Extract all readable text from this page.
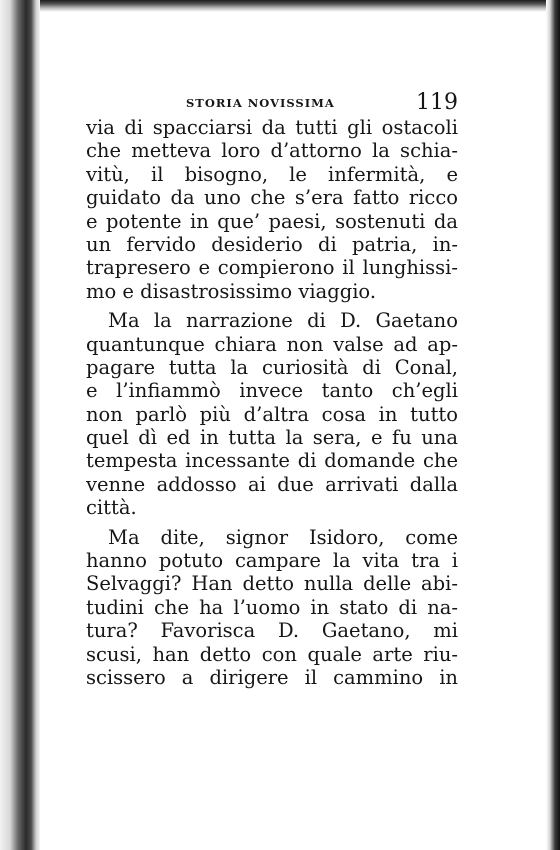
STORIA NOVISSIMA	119
via di spacciarsi da tutti gli ostacoli
che metteva loro d’attorno la schia-
vitù, il bisogno, le infermità, e
guidato da uno che s’era fatto ricco
e potente in que’ paesi, sostenuti da
un fervido desiderio di patria, in-
trapresero e compierono il lunghissi-
mo e disastrosissimo viaggio.
Ma la narrazione di D. Gaetano
quantunque chiara non valse ad ap-
pagare tutta la curiosità di Conal,
e l’infiammò invece tanto ch’egli
non parlò più d’altra cosa in tutto
quel dì ed in tutta la sera, e fu una
tempesta incessante di domande che
venne addosso ai due arrivati dalla
città.
Ma dite, signor Isidoro, come
hanno potuto campare la vita tra i
Selvaggi? Han detto nulla delle abi-
tudini che ha l’uomo in stato di na-
tura? Favorisca D. Gaetano, mi
scusi, han detto con quale arte riu-
scissero a dirigere il cammino in
